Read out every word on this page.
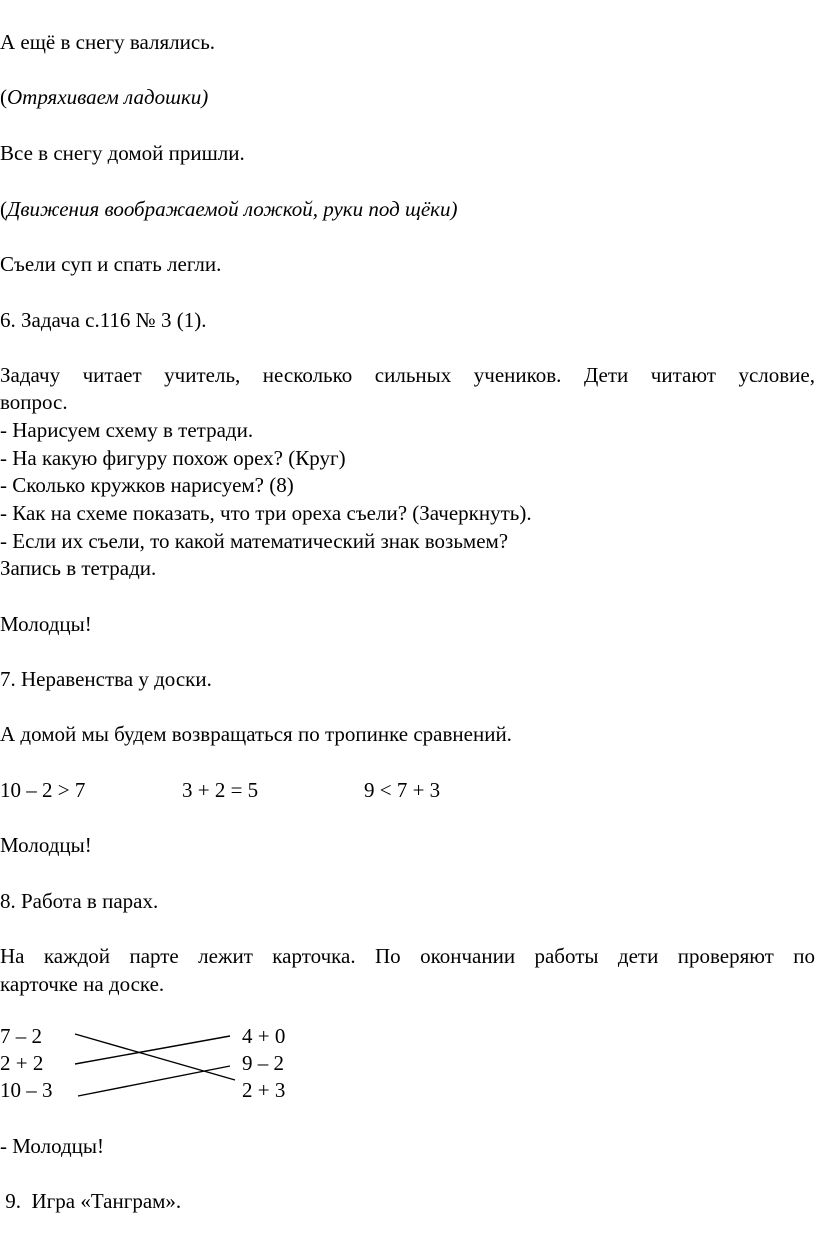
А ещё в снегу валялись.
(Отряхиваем ладошки)
Все в снегу домой пришли.
(Движения воображаемой ложкой, руки под щёки)
Съели суп и спать легли.
6. Задача с.116 № 3 (1).
Задачу читает учитель, несколько сильных учеников. Дети читают условие,
вопрос.
- Нарисуем схему в тетради.
- На какую фигуру похож орех? (Круг)
- Сколько кружков нарисуем? (8)
- Как на схеме показать, что три ореха съели? (Зачеркнуть).
- Если их съели, то какой математический знак возьмем?
Запись в тетради.
Молодцы!
7. Неравенства у доски.
А домой мы будем возвращаться по тропинке сравнений.
10 – 2 > 7	3 + 2 = 5	9 < 7 + 3
Молодцы!
8. Работа в парах.
На каждой парте лежит карточка. По окончании работы дети проверяют по
карточке на доске.
7 – 2
2 + 2
10 – 3
4 + 0
9 – 2
2 + 3
- Молодцы!
9.  Игра «Танграм».
